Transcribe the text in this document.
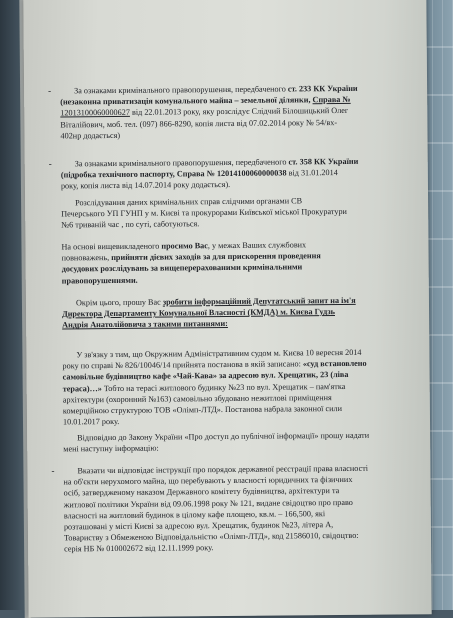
-	За ознаками кримінального правопорушення, передбаченого ст. 233 КК України
(незаконна приватизація комунального майна – земельної ділянки, Справа №
12013100060000627 від 22.01.2013 року, яку розслідує Слідчий Білошицький Олег
Віталійович, моб. тел. (097) 866-8290, копія листа від 07.02.2014 року № 54/вх-
402нр додається)
-	За ознаками кримінального правопорушення, передбаченого ст. 358 КК України
(підробка технічного паспорту, Справа № 12014100060000038 від 31.01.2014
року, копія листа від 14.07.2014 року додається).
Розслідування даних кримінальних справ слідчими органами СВ
Печерського УП ГУНП у м. Києві та прокурорами Київської міської Прокуратури
№6 триваній час , по суті, саботуються.
На основі вищевикладеного просимо Вас, у межах Ваших службових
повноважень, прийняти дієвих заходів за для прискорення проведення
досудових розслідувань за вищеперерахованими кримінальними
правопорушеннями.
Окрім цього, прошу Вас зробити інформаційний Депутатський запит на ім'я
Директора Департаменту Комунальної Власності (КМДА) м. Києва Гудзь
Андрія Анатолійовича з такими питаннями:
У зв'язку з тим, що Окружним Адміністративним судом м. Києва 10 вересня 2014
року по справі № 826/10046/14 прийнята постанова в якій записано: «суд встановлено
самовільне будівництво кафе «Чай-Кава» за адресою вул. Хрещатик, 23 (ліва
тераса)…» Тобто на терасі житлового будинку №23 по вул. Хрещатик – пам'ятка
архітектури (охоронний №163) самовільно збудовано нежитлові приміщення
комерційною структурою ТОВ «Олімп-ЛТД». Постанова набрала законної сили
10.01.2017 року.
Відповідно до Закону України «Про доступ до публічної інформації» прошу надати
мені наступну інформацію:
-	Вказати чи відповідає інструкції про порядок державної реєстрації права власності
на об'єкти нерухомого майна, що перебувають у власності юридичних та фізичних
осіб, затвердженому наказом Державного комітету будівництва, архітектури та
житлової політики України від 09.06.1998 року № 121, видане свідоцтво про право
власності на житловий будинок в цілому кафе площею, кв.м. – 166,500, які
розташовані у місті Києві за адресою вул. Хрещатик, будинок №23, літера А,
Товариству з Обмеженою Відповідальністю «Олімп-ЛТД», код 21586010, свідоцтво:
серія НБ № 010002672 від 12.11.1999 року.
